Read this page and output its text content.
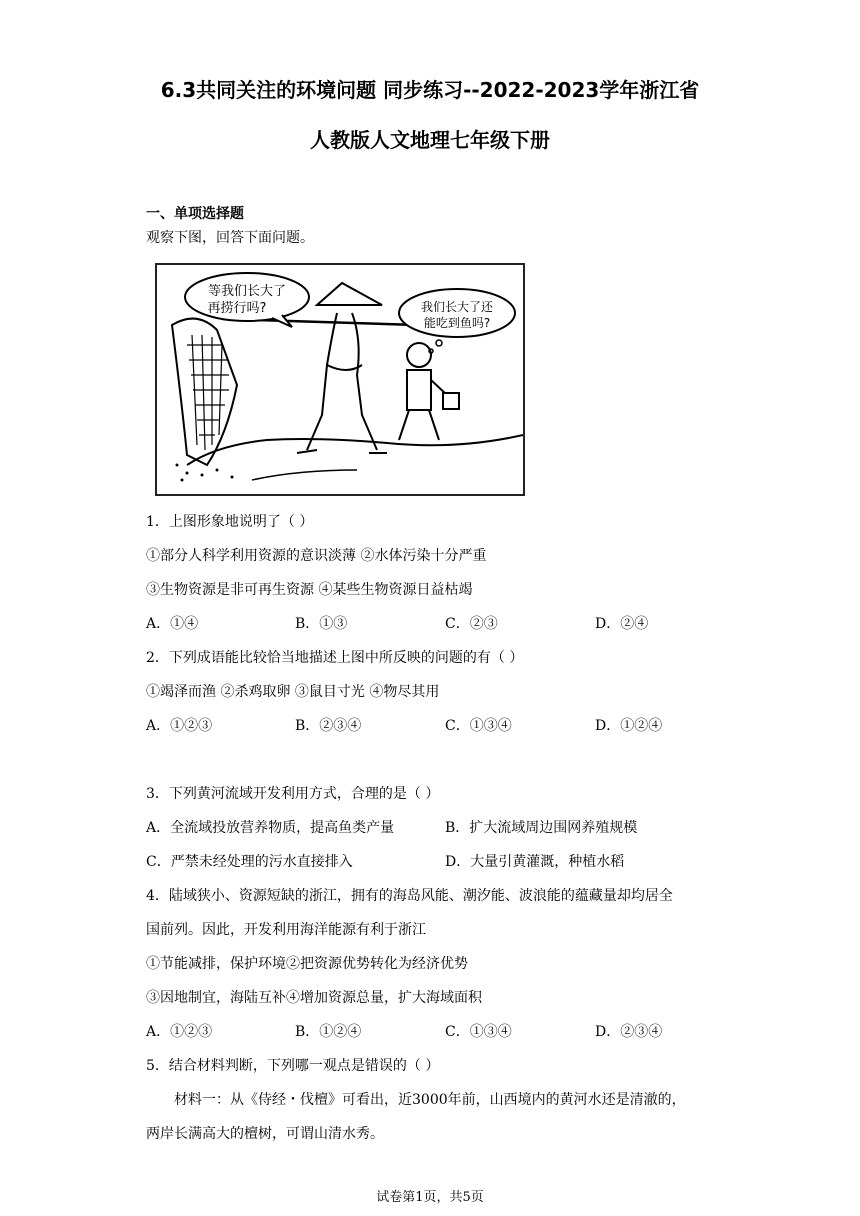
6.3共同关注的环境问题 同步练习--2022-2023学年浙江省
人教版人文地理七年级下册
一、单项选择题
观察下图，回答下面问题。
等我们长大了
再捞行吗?	我们长大了还
能吃到鱼吗?
1．上图形象地说明了（ ）
①部分人科学利用资源的意识淡薄 ②水体污染十分严重
③生物资源是非可再生资源 ④某些生物资源日益枯竭
A．①④	B．①③	C．②③	D．②④
2．下列成语能比较恰当地描述上图中所反映的问题的有（ ）
①竭泽而渔 ②杀鸡取卵 ③鼠目寸光 ④物尽其用
A．①②③	B．②③④	C．①③④	D．①②④
3．下列黄河流域开发利用方式，合理的是（ ）
A．全流域投放营养物质，提高鱼类产量	B．扩大流域周边围网养殖规模
C．严禁未经处理的污水直接排入	D．大量引黄灌溉，种植水稻
4．陆域狭小、资源短缺的浙江，拥有的海岛风能、潮汐能、波浪能的蕴藏量却均居全
国前列。因此，开发利用海洋能源有利于浙江
①节能减排，保护环境②把资源优势转化为经济优势
③因地制宜，海陆互补④增加资源总量，扩大海域面积
A．①②③	B．①②④	C．①③④	D．②③④
5．结合材料判断，下列哪一观点是错误的（ ）
材料一：从《侍经・伐檀》可看出，近3000年前，山西境内的黄河水还是清澈的，
两岸长满高大的檀树，可谓山清水秀。
试卷第1页，共5页
